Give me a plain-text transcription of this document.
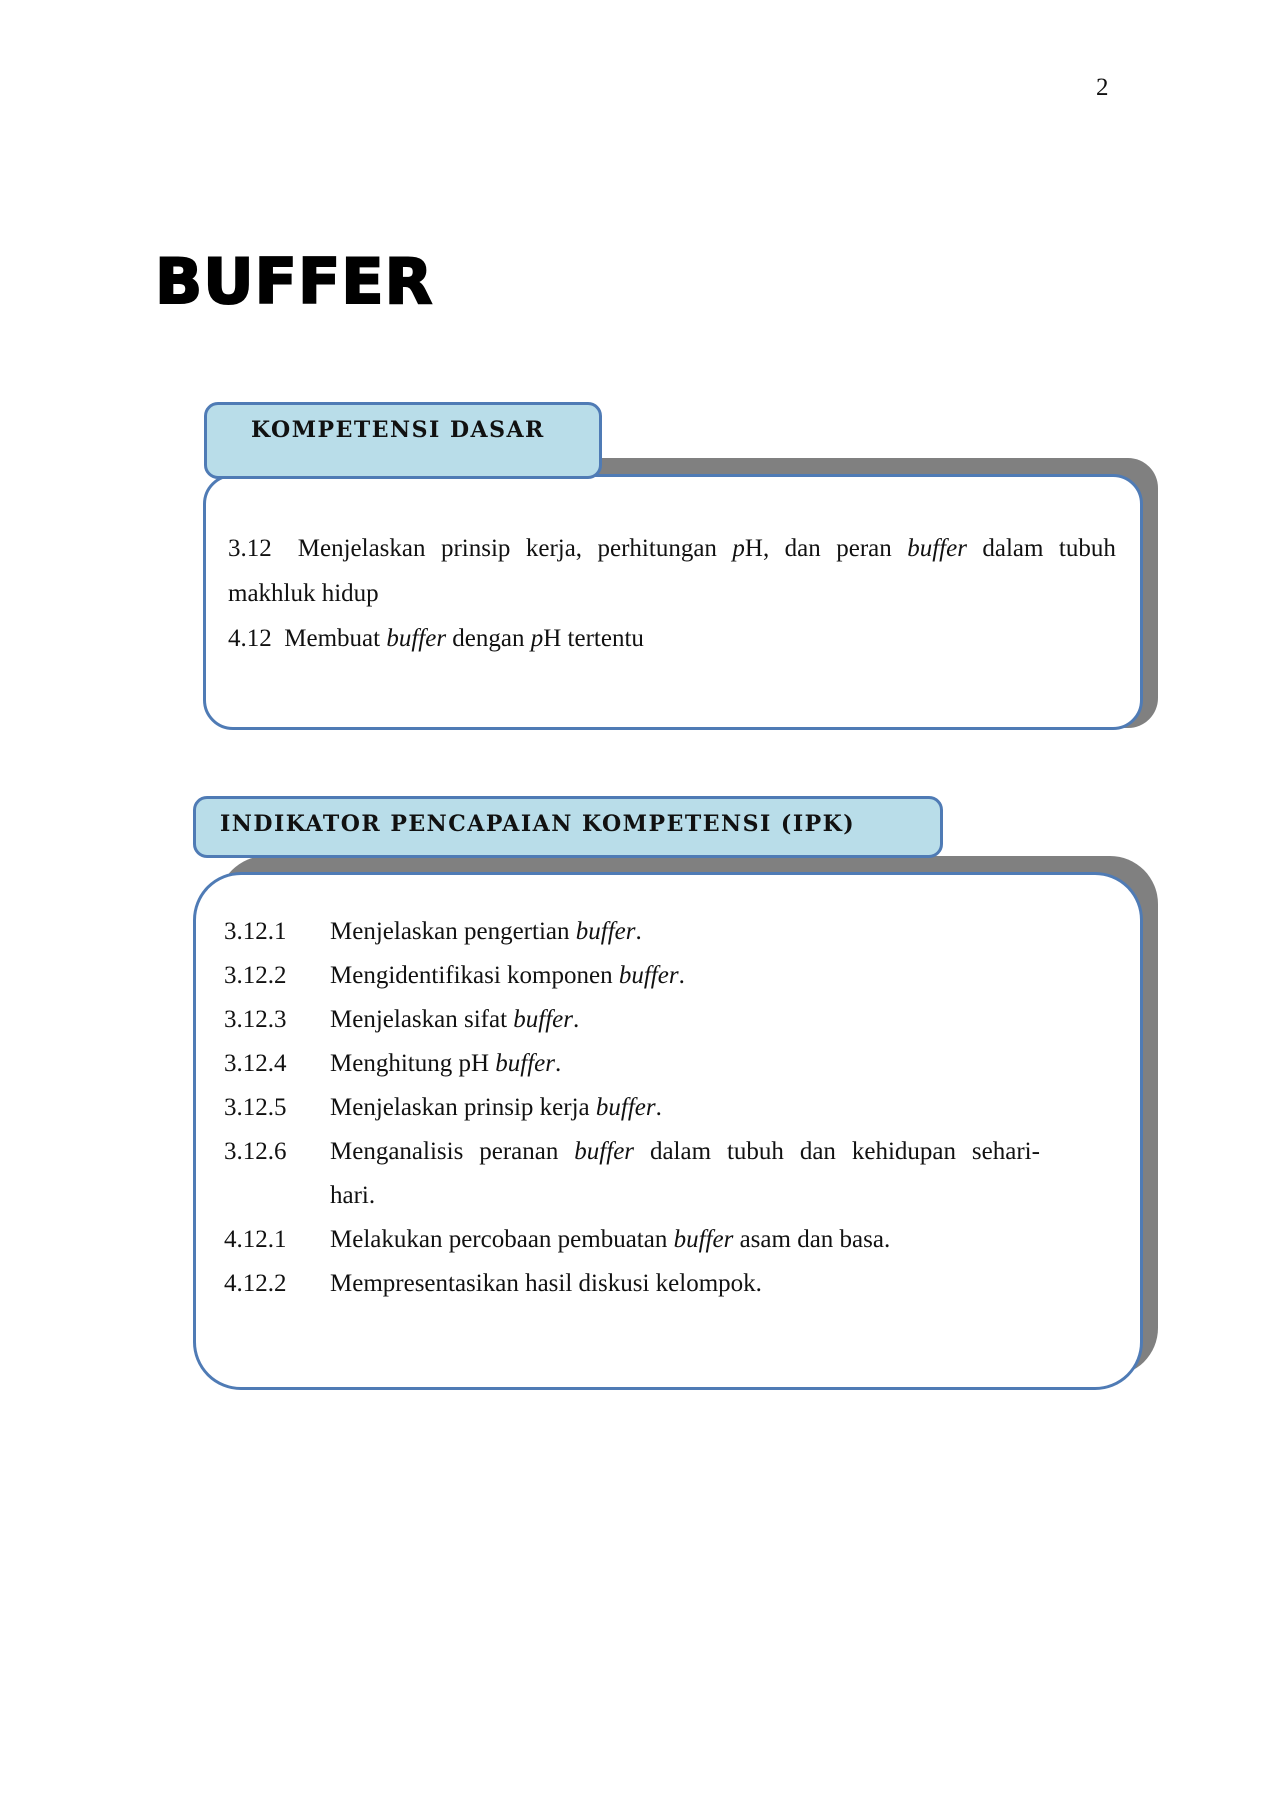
2
BUFFER
KOMPETENSI DASAR
3.12 Menjelaskan prinsip kerja, perhitungan pH, dan peran buffer dalam tubuh
makhluk hidup
4.12 Membuat buffer dengan pH tertentu
INDIKATOR PENCAPAIAN KOMPETENSI (IPK)
3.12.1	Menjelaskan pengertian buffer.
3.12.2	Mengidentifikasi komponen buffer.
3.12.3	Menjelaskan sifat buffer.
3.12.4	Menghitung pH buffer.
3.12.5	Menjelaskan prinsip kerja buffer.
3.12.6	Menganalisis peranan buffer dalam tubuh dan kehidupan sehari-
hari.
4.12.1	Melakukan percobaan pembuatan buffer asam dan basa.
4.12.2	Mempresentasikan hasil diskusi kelompok.
